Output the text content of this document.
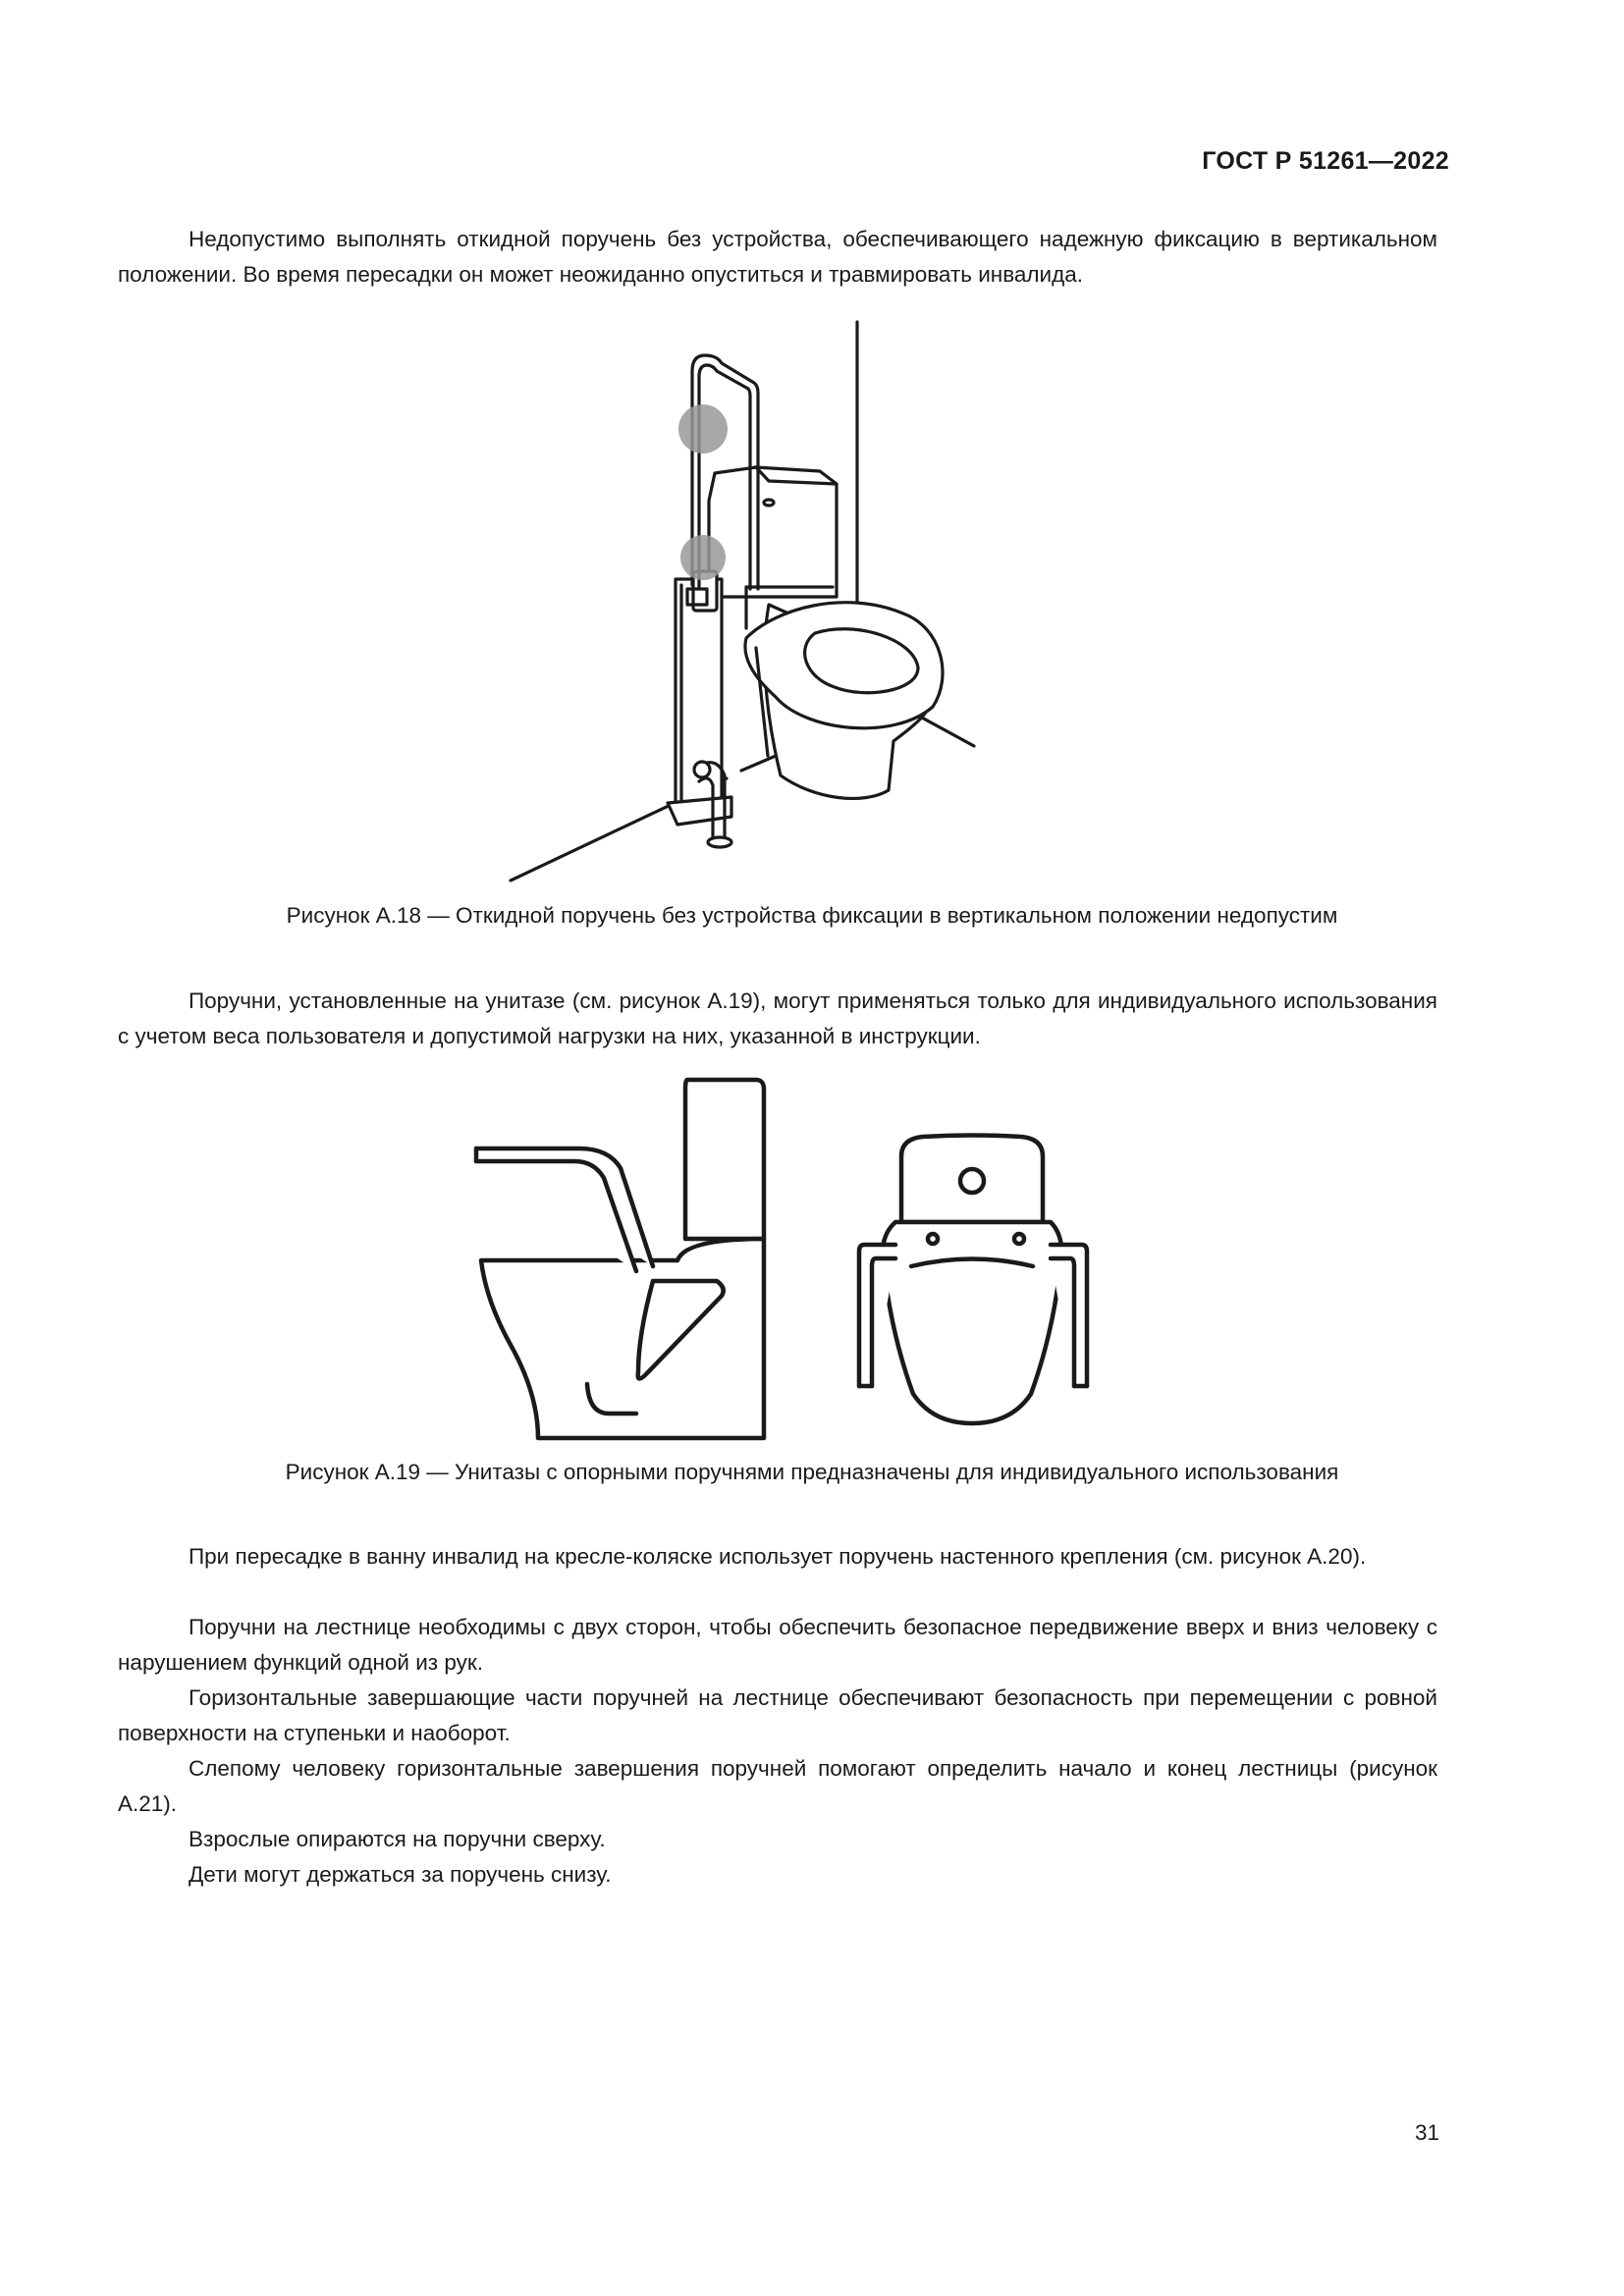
ГОСТ Р 51261—2022

Недопустимо выполнять откидной поручень без устройства, обеспечивающего надежную фиксацию в вертикальном положении. Во время пересадки он может неожиданно опуститься и травмировать инвалида.

Рисунок А.18 — Откидной поручень без устройства фиксации в вертикальном положении недопустим

Поручни, установленные на унитазе (см. рисунок А.19), могут применяться только для индивидуального использования с учетом веса пользователя и допустимой нагрузки на них, указанной в инструкции.

Рисунок А.19 — Унитазы с опорными поручнями предназначены для индивидуального использования

При пересадке в ванну инвалид на кресле-коляске использует поручень настенного крепления (см. рисунок А.20).

Поручни на лестнице необходимы с двух сторон, чтобы обеспечить безопасное передвижение вверх и вниз человеку с нарушением функций одной из рук.

Горизонтальные завершающие части поручней на лестнице обеспечивают безопасность при перемещении с ровной поверхности на ступеньки и наоборот.

Слепому человеку горизонтальные завершения поручней помогают определить начало и конец лестницы (рисунок А.21).

Взрослые опираются на поручни сверху.

Дети могут держаться за поручень снизу.

31
